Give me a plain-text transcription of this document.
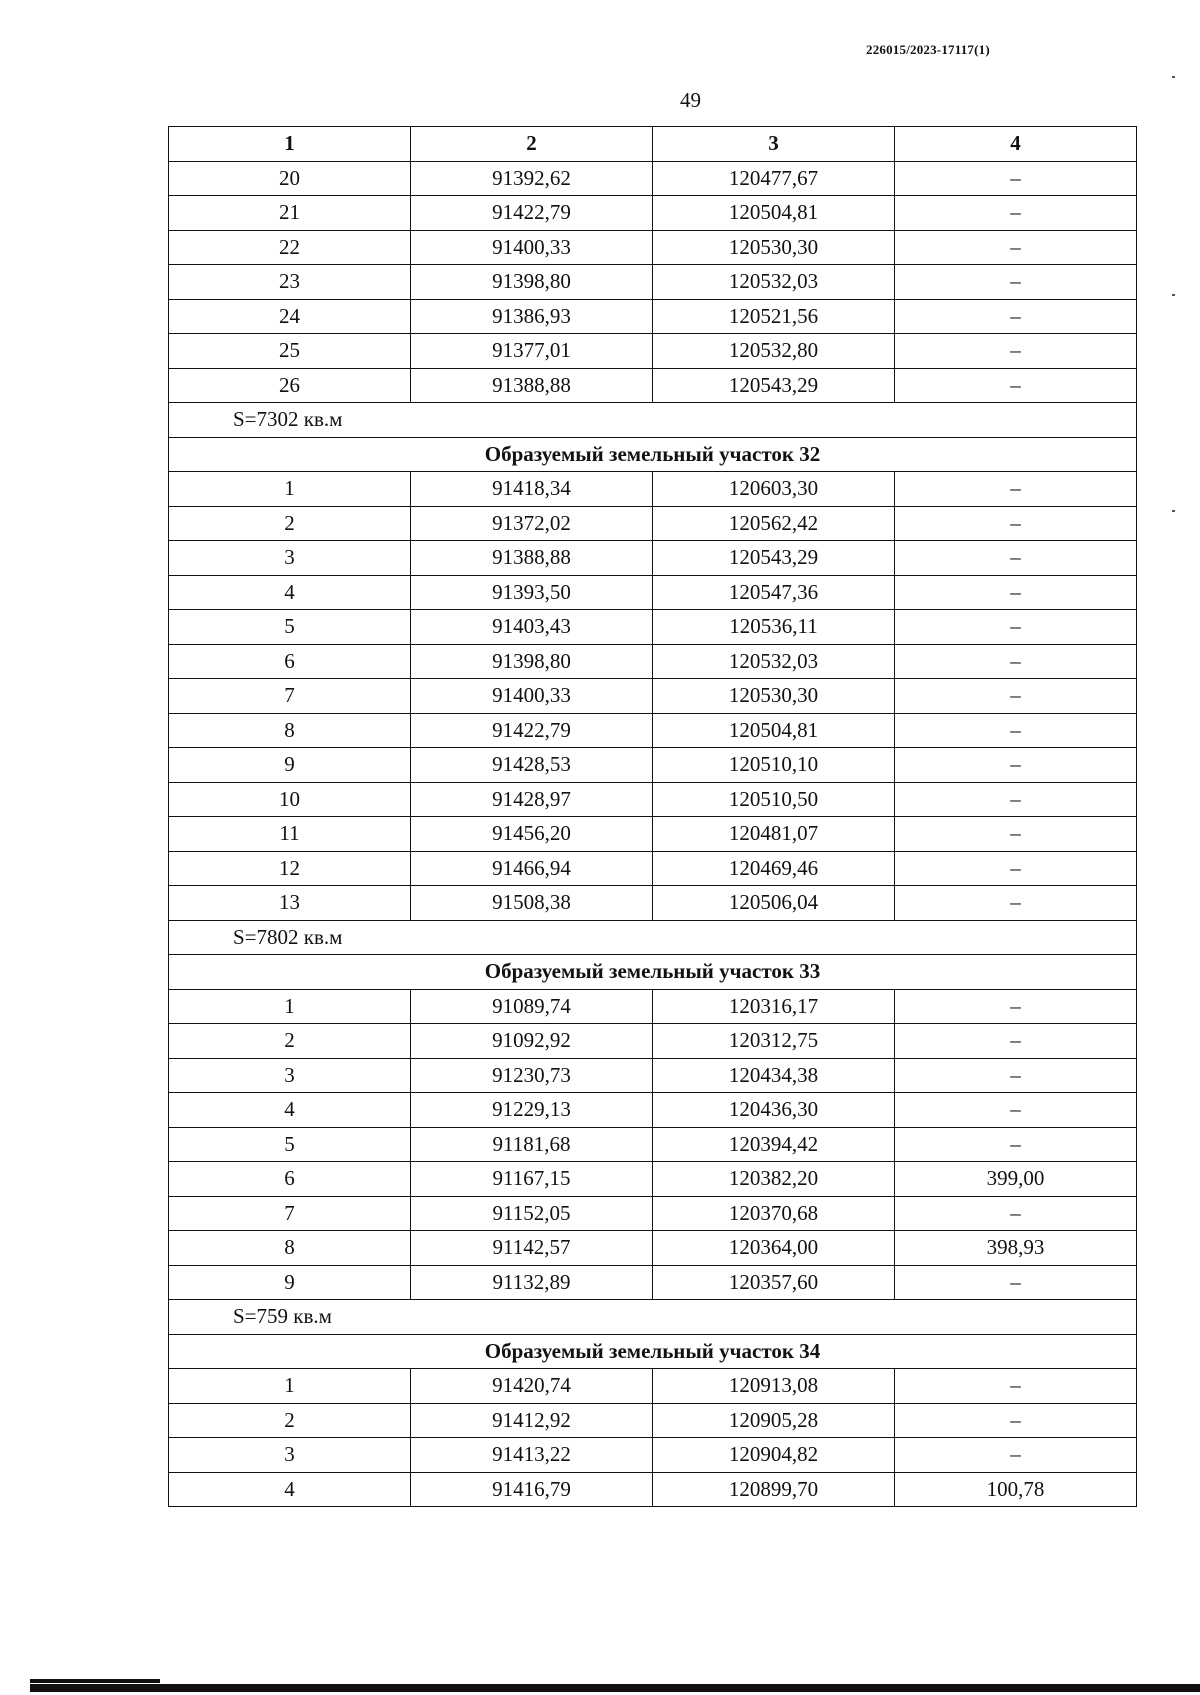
226015/2023-17117(1)
49
1	2	3	4
20	91392,62	120477,67	–
21	91422,79	120504,81	–
22	91400,33	120530,30	–
23	91398,80	120532,03	–
24	91386,93	120521,56	–
25	91377,01	120532,80	–
26	91388,88	120543,29	–
S=7302 кв.м			
Образуемый земельный участок 32			
1	91418,34	120603,30	–
2	91372,02	120562,42	–
3	91388,88	120543,29	–
4	91393,50	120547,36	–
5	91403,43	120536,11	–
6	91398,80	120532,03	–
7	91400,33	120530,30	–
8	91422,79	120504,81	–
9	91428,53	120510,10	–
10	91428,97	120510,50	–
11	91456,20	120481,07	–
12	91466,94	120469,46	–
13	91508,38	120506,04	–
S=7802 кв.м			
Образуемый земельный участок 33			
1	91089,74	120316,17	–
2	91092,92	120312,75	–
3	91230,73	120434,38	–
4	91229,13	120436,30	–
5	91181,68	120394,42	–
6	91167,15	120382,20	399,00
7	91152,05	120370,68	–
8	91142,57	120364,00	398,93
9	91132,89	120357,60	–
S=759 кв.м			
Образуемый земельный участок 34			
1	91420,74	120913,08	–
2	91412,92	120905,28	–
3	91413,22	120904,82	–
4	91416,79	120899,70	100,78
